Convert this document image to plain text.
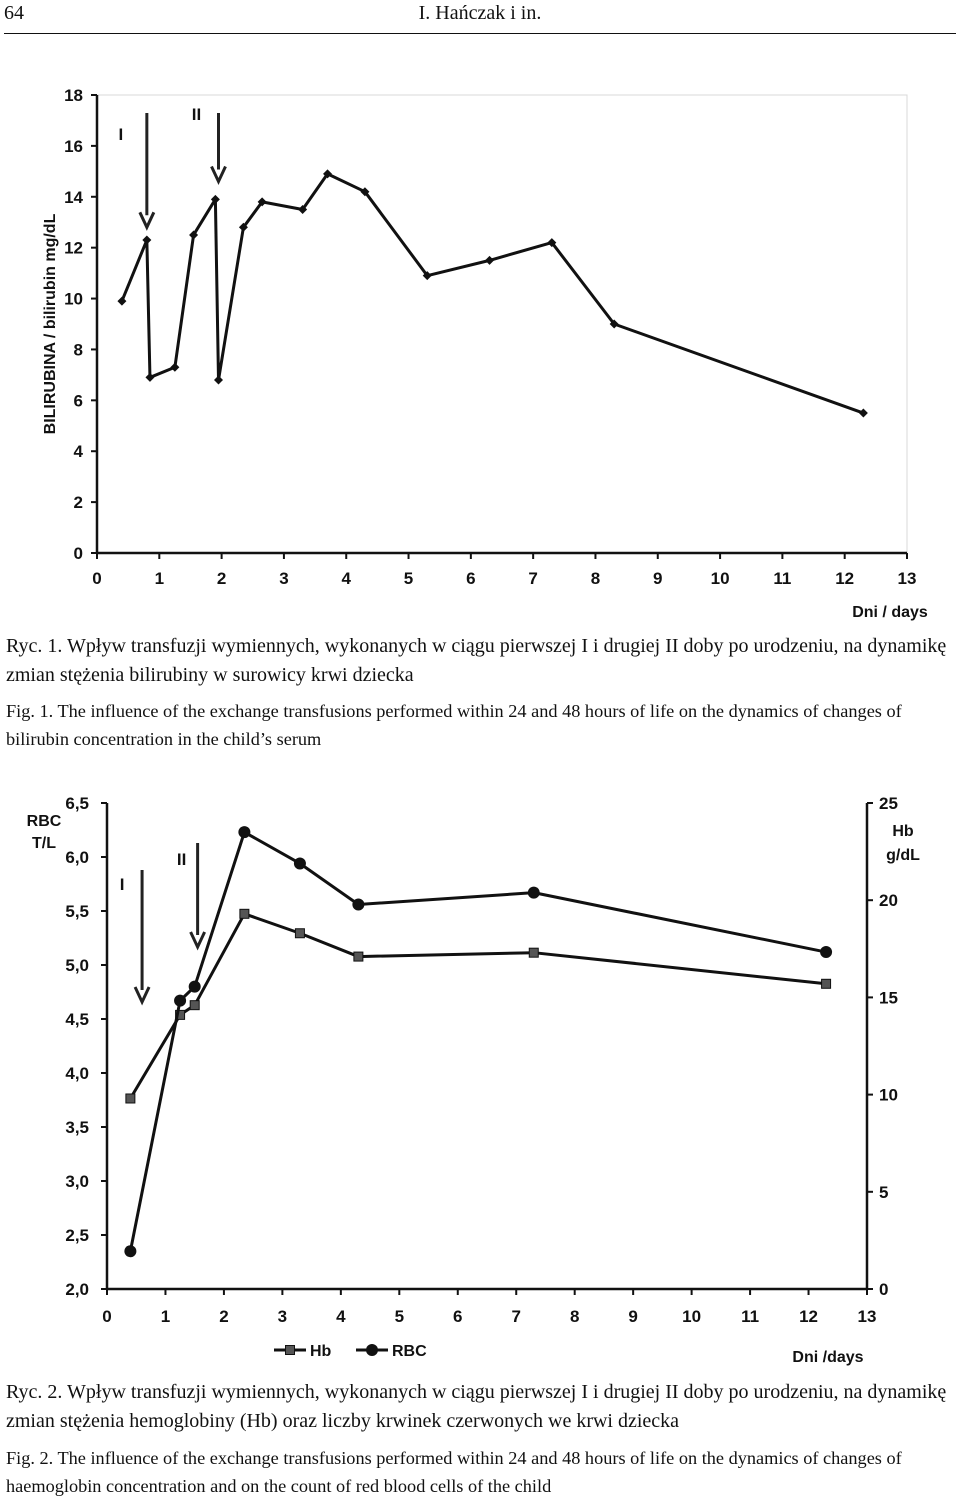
64	I. Hańczak i in.
0
2
4
6
8
10
12
14
16
18
0	1	2	3	4	5	6	7	8	9	10	11	12	13
I
II
BILIRUBINA / bilirubin mg/dL
Dni / days

Ryc. 1. Wpływ transfuzji wymiennych, wykonanych w ciągu pierwszej I i drugiej II doby po urodzeniu, na dynamikę zmian stężenia bilirubiny w surowicy krwi dziecka

Fig. 1. The influence of the exchange transfusions performed within 24 and 48 hours of life on the dynamics of changes of bilirubin concentration in the child’s serum

2,0
2,5
3,0
3,5
4,0
4,5
5,0
5,5
6,0
6,5
0
5
10
15
20
25
0	1	2	3	4	5	6	7	8	9	10 11 12 13
I
II
RBC
T/L
Hb
g/dL
Hb	RBC	Dni /days

Ryc. 2. Wpływ transfuzji wymiennych, wykonanych w ciągu pierwszej I i drugiej II doby po urodzeniu, na dynamikę zmian stężenia hemoglobiny (Hb) oraz liczby krwinek czerwonych we krwi dziecka

Fig. 2. The influence of the exchange transfusions performed within 24 and 48 hours of life on the dynamics of changes of haemoglobin concentration and on the count of red blood cells of the child
